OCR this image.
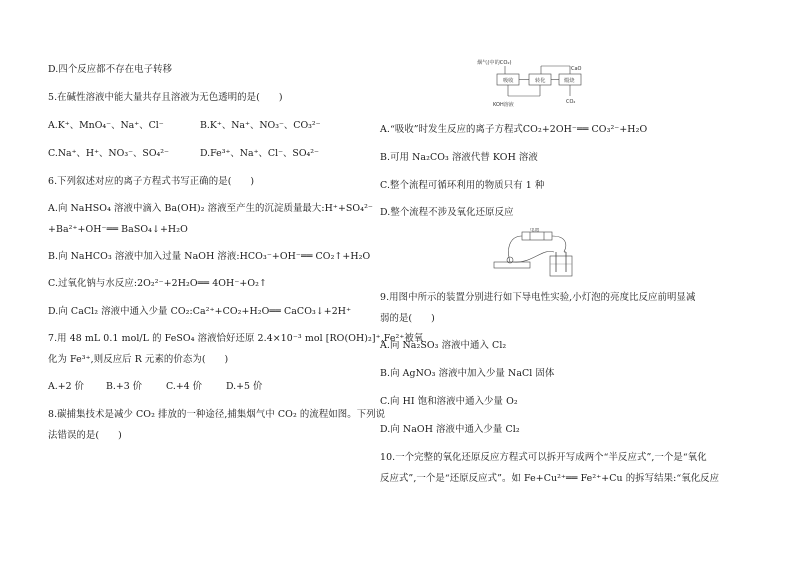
D.四个反应都不存在电子转移
5.在碱性溶液中能大量共存且溶液为无色透明的是(　　)
A.K⁺、MnO₄⁻、Na⁺、Cl⁻	B.K⁺、Na⁺、NO₃⁻、CO₃²⁻
C.Na⁺、H⁺、NO₃⁻、SO₄²⁻	D.Fe³⁺、Na⁺、Cl⁻、SO₄²⁻
6.下列叙述对应的离子方程式书写正确的是(　　)
A.向 NaHSO₄ 溶液中滴入 Ba(OH)₂ 溶液至产生的沉淀质量最大:H⁺+SO₄²⁻
+Ba²⁺+OH⁻══ BaSO₄↓+H₂O
B.向 NaHCO₃ 溶液中加入过量 NaOH 溶液:HCO₃⁻+OH⁻══ CO₂↑+H₂O
C.过氧化钠与水反应:2O₂²⁻+2H₂O══ 4OH⁻+O₂↑
D.向 CaCl₂ 溶液中通入少量 CO₂:Ca²⁺+CO₂+H₂O══ CaCO₃↓+2H⁺
7.用 48 mL 0.1 mol/L 的 FeSO₄ 溶液恰好还原 2.4×10⁻³ mol [RO(OH)₂]⁺,Fe²⁺被氧
化为 Fe³⁺,则反应后 R 元素的价态为(　　)
A.+2 价 B.+3 价	C.+4 价	D.+5 价
8.碳捕集技术是减少 CO₂ 排放的一种途径,捕集烟气中 CO₂ 的流程如图。下列说
法错误的是(　　)
烟气(中的CO₂)
吸收	转化	煅烧
CaO
CO₂
KOH溶液
A.“吸收”时发生反应的离子方程式CO₂+2OH⁻══ CO₃²⁻+H₂O
B.可用 Na₂CO₃ 溶液代替 KOH 溶液
C.整个流程可循环利用的物质只有 1 种
D.整个流程不涉及氧化还原反应
9.用图中所示的装置分别进行如下导电性实验,小灯泡的亮度比反应前明显减
弱的是(　　)
A.向 Na₂SO₃ 溶液中通入 Cl₂
B.向 AgNO₃ 溶液中加入少量 NaCl 固体
C.向 HI 饱和溶液中通入少量 O₂
D.向 NaOH 溶液中通入少量 Cl₂
10.一个完整的氧化还原反应方程式可以拆开写成两个“半反应式”,一个是“氧化
反应式”,一个是“还原反应式”。如 Fe+Cu²⁺══ Fe²⁺+Cu 的拆写结果:“氧化反应
电池
